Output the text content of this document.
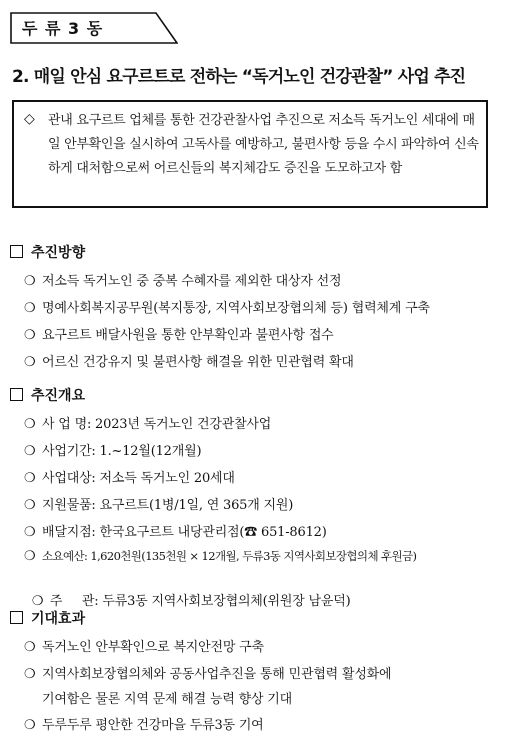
두 류 3 동
2. 매일 안심 요구르트로 전하는 “독거노인 건강관찰” 사업 추진
◇ 관내 요구르트 업체를 통한 건강관찰사업 추진으로 저소득 독거노인 세대에 매일 안부확인을 실시하여 고독사를 예방하고, 불편사항 등을 수시 파악하여 신속하게 대처함으로써 어르신들의 복지체감도 증진을 도모하고자 함
추진방향
❍ 저소득 독거노인 중 중복 수혜자를 제외한 대상자 선정
❍ 명예사회복지공무원(복지통장, 지역사회보장협의체 등) 협력체계 구축
❍ 요구르트 배달사원을 통한 안부확인과 불편사항 접수
❍ 어르신 건강유지 및 불편사항 해결을 위한 민관협력 확대
추진개요
❍ 사 업 명: 2023년 독거노인 건강관찰사업
❍ 사업기간: 1.~12월(12개월)
❍ 사업대상: 저소득 독거노인 20세대
❍ 지원물품: 요구르트(1병/1일, 연 365개 지원)
❍ 배달지점: 한국요구르트 내당관리점(☎ 651-8612)
❍ 소요예산: 1,620천원(135천원 × 12개월, 두류3동 지역사회보장협의체 후원금)

❍ 주     관: 두류3동 지역사회보장협의체(위원장 남윤덕)

기대효과
❍ 독거노인 안부확인으로 복지안전망 구축
❍ 지역사회보장협의체와 공동사업추진을 통해 민관협력 활성화에
기여함은 물론 지역 문제 해결 능력 향상 기대
❍ 두루두루 평안한 건강마을 두류3동 기여
